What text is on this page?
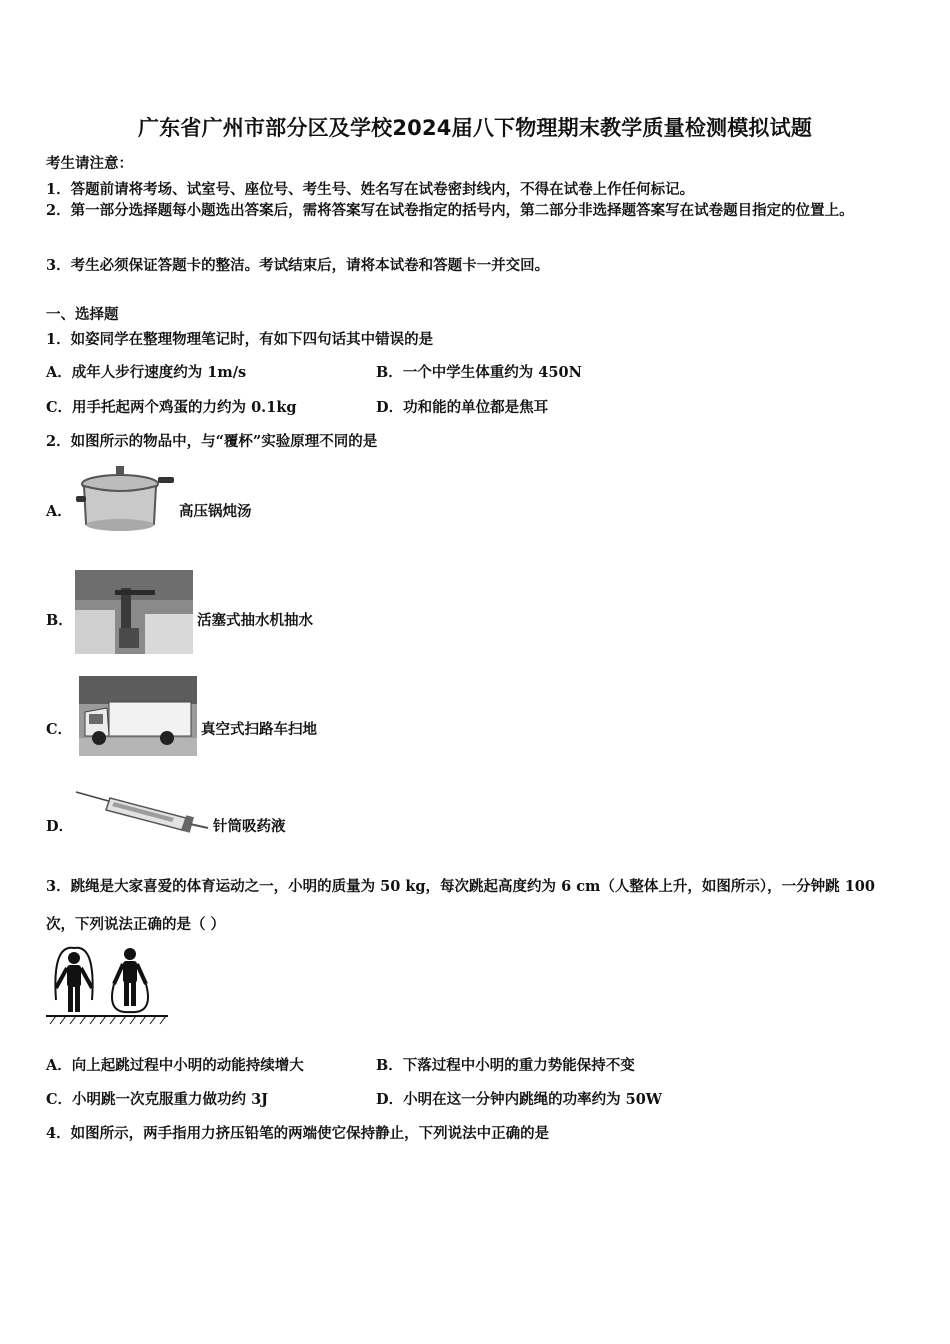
广东省广州市部分区及学校2024届八下物理期末教学质量检测模拟试题
考生请注意：
1．答题前请将考场、试室号、座位号、考生号、姓名写在试卷密封线内，不得在试卷上作任何标记。
2．第一部分选择题每小题选出答案后，需将答案写在试卷指定的括号内，第二部分非选择题答案写在试卷题目指定的位置上。
3．考生必须保证答题卡的整洁。考试结束后，请将本试卷和答题卡一并交回。
一、选择题
1．如姿同学在整理物理笔记时，有如下四句话其中错误的是
A．成年人步行速度约为 1m/s	B．一个中学生体重约为 450N
C．用手托起两个鸡蛋的力约为 0.1kg	D．功和能的单位都是焦耳
2．如图所示的物品中，与“覆杯”实验原理不同的是
A．	高压锅炖汤
B．	活塞式抽水机抽水
C．	真空式扫路车扫地
D．	针筒吸药液
3．跳绳是大家喜爱的体育运动之一，小明的质量为 50 kg，每次跳起高度约为 6 cm（人整体上升，如图所示），一分钟跳 100 次，下列说法正确的是（ ）
A．向上起跳过程中小明的动能持续增大	B．下落过程中小明的重力势能保持不变
C．小明跳一次克服重力做功约 3J	D．小明在这一分钟内跳绳的功率约为 50W
4．如图所示，两手指用力挤压铅笔的两端使它保持静止，下列说法中正确的是
